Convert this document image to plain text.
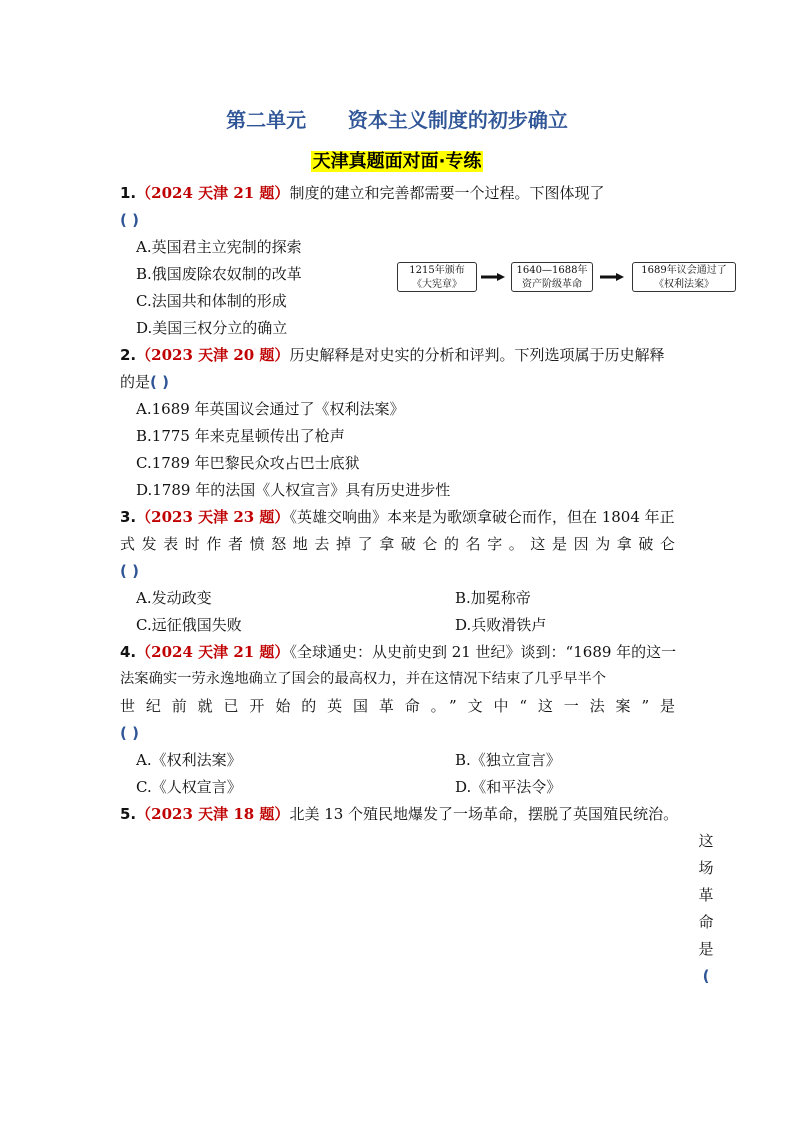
第二单元      资本主义制度的初步确立
天津真题面对面·专练
1.（2024 天津 21 题）制度的建立和完善都需要一个过程。下图体现了
( )
A.英国君主立宪制的探索
B.俄国废除农奴制的改革
C.法国共和体制的形成
D.美国三权分立的确立
1215年颁布
《大宪章》
1640—1688年
资产阶级革命
1689年议会通过了
《权利法案》
2.（2023 天津 20 题）历史解释是对史实的分析和评判。下列选项属于历史解释
的是( )
A.1689 年英国议会通过了《权利法案》
B.1775 年来克星顿传出了枪声
C.1789 年巴黎民众攻占巴士底狱
D.1789 年的法国《人权宣言》具有历史进步性
3.（2023 天津 23 题）《英雄交响曲》本来是为歌颂拿破仑而作，但在 1804 年正
式发表时作者愤怒地去掉了拿破仑的名字。这是因为拿破仑
( )
A.发动政变	B.加冕称帝
C.远征俄国失败	D.兵败滑铁卢
4.（2024 天津 21 题）《全球通史：从史前史到 21 世纪》谈到：“1689 年的这一
法案确实一劳永逸地确立了国会的最高权力，并在这情况下结束了几乎早半个
世纪前就已开始的英国革命。”文中“这一法案”是
( )
A.《权利法案》	B.《独立宣言》
C.《人权宣言》	D.《和平法令》
5.（2023 天津 18 题）北美 13 个殖民地爆发了一场革命，摆脱了英国殖民统治。
这
场
革
命
是
(
